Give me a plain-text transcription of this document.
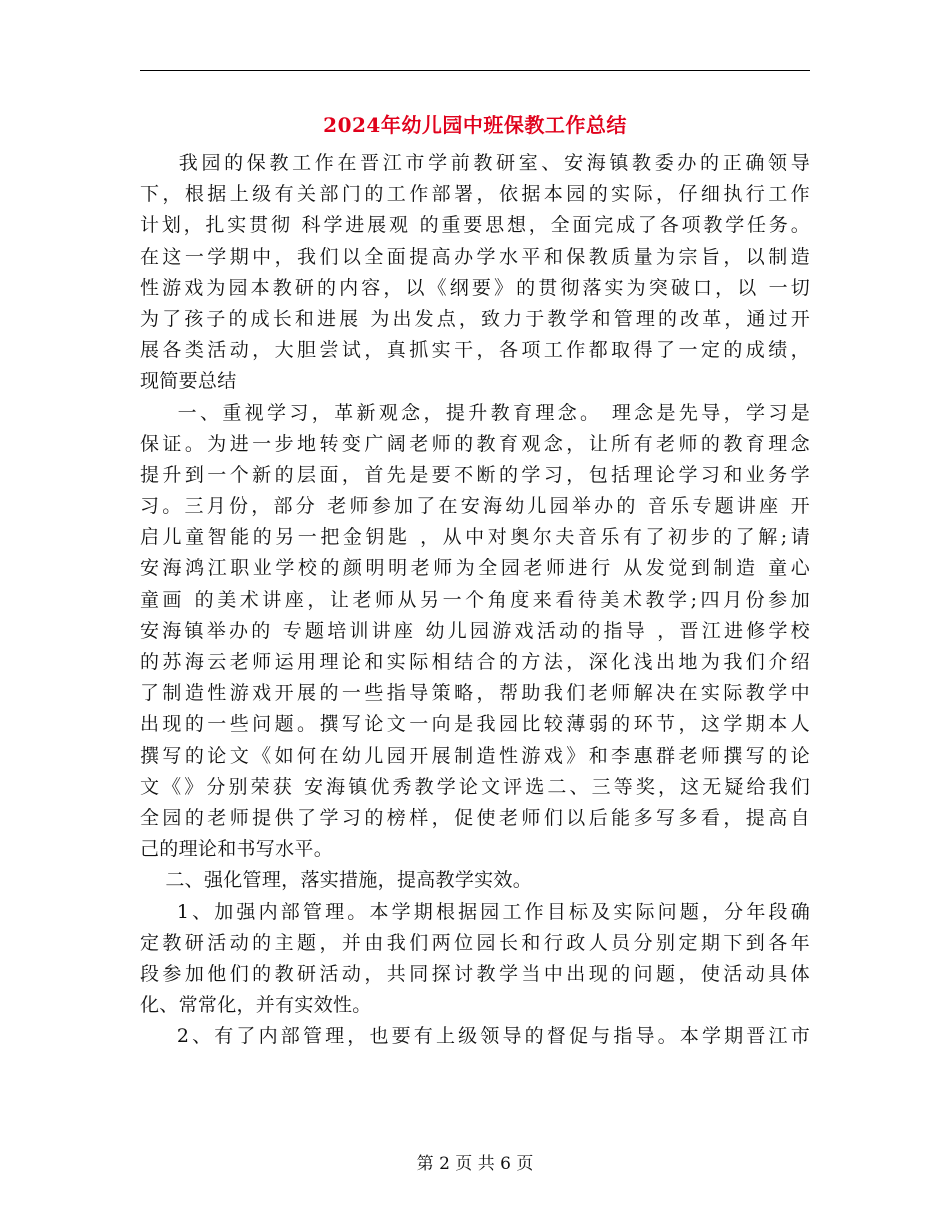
2024年幼儿园中班保教工作总结
我园的保教工作在晋江市学前教研室、安海镇教委办的正确领导
下，根据上级有关部门的工作部署，依据本园的实际，仔细执行工作
计划，扎实贯彻 科学进展观 的重要思想，全面完成了各项教学任务。
在这一学期中，我们以全面提高办学水平和保教质量为宗旨，以制造
性游戏为园本教研的内容，以《纲要》的贯彻落实为突破口，以 一切
为了孩子的成长和进展 为出发点，致力于教学和管理的改革，通过开
展各类活动，大胆尝试，真抓实干，各项工作都取得了一定的成绩，
现简要总结
一、重视学习，革新观念，提升教育理念。 理念是先导，学习是
保证。为进一步地转变广阔老师的教育观念，让所有老师的教育理念
提升到一个新的层面，首先是要不断的学习，包括理论学习和业务学
习。三月份，部分 老师参加了在安海幼儿园举办的 音乐专题讲座 开
启儿童智能的另一把金钥匙 ，从中对奥尔夫音乐有了初步的了解;请
安海鸿江职业学校的颜明明老师为全园老师进行 从发觉到制造 童心
童画 的美术讲座，让老师从另一个角度来看待美术教学;四月份参加
安海镇举办的 专题培训讲座 幼儿园游戏活动的指导 ，晋江进修学校
的苏海云老师运用理论和实际相结合的方法，深化浅出地为我们介绍
了制造性游戏开展的一些指导策略，帮助我们老师解决在实际教学中
出现的一些问题。撰写论文一向是我园比较薄弱的环节，这学期本人
撰写的论文《如何在幼儿园开展制造性游戏》和李惠群老师撰写的论
文《》分别荣获 安海镇优秀教学论文评选二、三等奖，这无疑给我们
全园的老师提供了学习的榜样，促使老师们以后能多写多看，提高自
己的理论和书写水平。
二、强化管理，落实措施，提高教学实效。
1、加强内部管理。本学期根据园工作目标及实际问题，分年段确
定教研活动的主题，并由我们两位园长和行政人员分别定期下到各年
段参加他们的教研活动，共同探讨教学当中出现的问题，使活动具体
化、常常化，并有实效性。
2、有了内部管理，也要有上级领导的督促与指导。本学期晋江市
第 2 页 共 6 页
